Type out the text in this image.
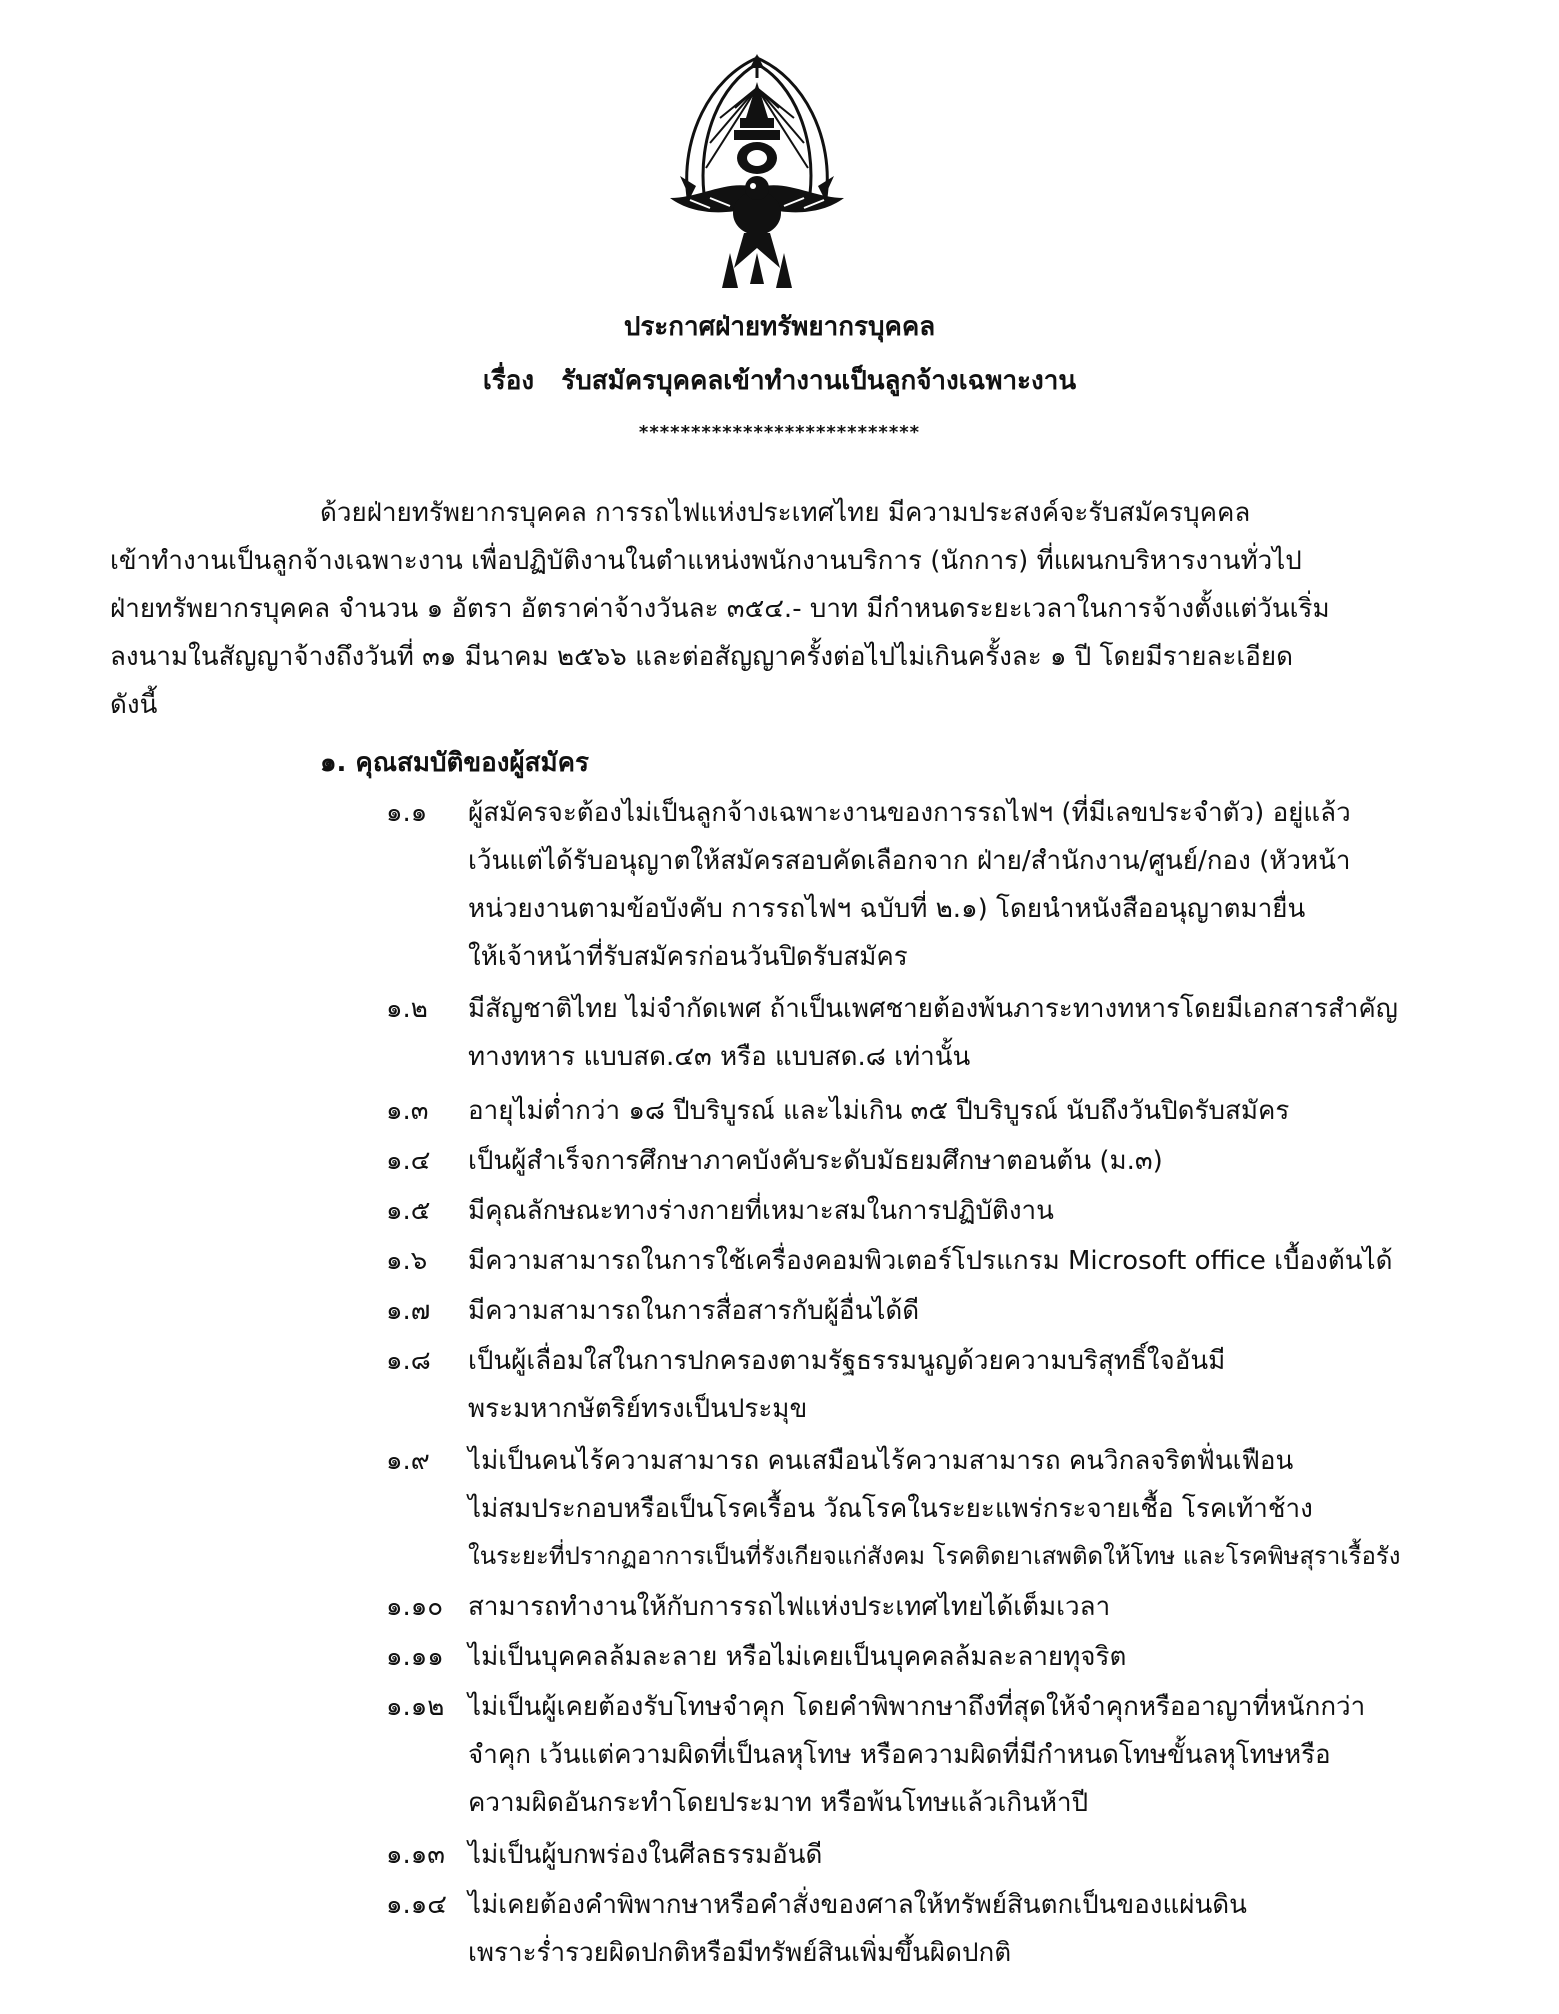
ประกาศฝ่ายทรัพยากรบุคคล
เรื่อง รับสมัครบุคคลเข้าทำงานเป็นลูกจ้างเฉพาะงาน
***************************
ด้วยฝ่ายทรัพยากรบุคคล การรถไฟแห่งประเทศไทย มีความประสงค์จะรับสมัครบุคคล
เข้าทำงานเป็นลูกจ้างเฉพาะงาน เพื่อปฏิบัติงานในตำแหน่งพนักงานบริการ (นักการ) ที่แผนกบริหารงานทั่วไป
ฝ่ายทรัพยากรบุคคล จำนวน ๑ อัตรา อัตราค่าจ้างวันละ ๓๕๔.- บาท มีกำหนดระยะเวลาในการจ้างตั้งแต่วันเริ่ม
ลงนามในสัญญาจ้างถึงวันที่ ๓๑ มีนาคม ๒๕๖๖ และต่อสัญญาครั้งต่อไปไม่เกินครั้งละ ๑ ปี โดยมีรายละเอียด
ดังนี้
๑. คุณสมบัติของผู้สมัคร
๑.๑	ผู้สมัครจะต้องไม่เป็นลูกจ้างเฉพาะงานของการรถไฟฯ (ที่มีเลขประจำตัว) อยู่แล้ว
เว้นแต่ได้รับอนุญาตให้สมัครสอบคัดเลือกจาก ฝ่าย/สำนักงาน/ศูนย์/กอง (หัวหน้า
หน่วยงานตามข้อบังคับ การรถไฟฯ ฉบับที่ ๒.๑) โดยนำหนังสืออนุญาตมายื่น
ให้เจ้าหน้าที่รับสมัครก่อนวันปิดรับสมัคร
๑.๒	มีสัญชาติไทย ไม่จำกัดเพศ ถ้าเป็นเพศชายต้องพ้นภาระทางทหารโดยมีเอกสารสำคัญ
ทางทหาร แบบสด.๔๓ หรือ แบบสด.๘ เท่านั้น
๑.๓	อายุไม่ต่ำกว่า ๑๘ ปีบริบูรณ์ และไม่เกิน ๓๕ ปีบริบูรณ์ นับถึงวันปิดรับสมัคร
๑.๔	เป็นผู้สำเร็จการศึกษาภาคบังคับระดับมัธยมศึกษาตอนต้น (ม.๓)
๑.๕	มีคุณลักษณะทางร่างกายที่เหมาะสมในการปฏิบัติงาน
๑.๖	มีความสามารถในการใช้เครื่องคอมพิวเตอร์โปรแกรม Microsoft office เบื้องต้นได้
๑.๗	มีความสามารถในการสื่อสารกับผู้อื่นได้ดี
๑.๘	เป็นผู้เลื่อมใสในการปกครองตามรัฐธรรมนูญด้วยความบริสุทธิ์ใจอันมี
พระมหากษัตริย์ทรงเป็นประมุข
๑.๙	ไม่เป็นคนไร้ความสามารถ คนเสมือนไร้ความสามารถ คนวิกลจริตฟั่นเฟือน
ไม่สมประกอบหรือเป็นโรคเรื้อน วัณโรคในระยะแพร่กระจายเชื้อ โรคเท้าช้าง
ในระยะที่ปรากฏอาการเป็นที่รังเกียจแก่สังคม โรคติดยาเสพติดให้โทษ และโรคพิษสุราเรื้อรัง
๑.๑๐ สามารถทำงานให้กับการรถไฟแห่งประเทศไทยได้เต็มเวลา
๑.๑๑ ไม่เป็นบุคคลล้มละลาย หรือไม่เคยเป็นบุคคลล้มละลายทุจริต
๑.๑๒ ไม่เป็นผู้เคยต้องรับโทษจำคุก โดยคำพิพากษาถึงที่สุดให้จำคุกหรืออาญาที่หนักกว่า
จำคุก เว้นแต่ความผิดที่เป็นลหุโทษ หรือความผิดที่มีกำหนดโทษขั้นลหุโทษหรือ
ความผิดอันกระทำโดยประมาท หรือพ้นโทษแล้วเกินห้าปี
๑.๑๓ ไม่เป็นผู้บกพร่องในศีลธรรมอันดี
๑.๑๔ ไม่เคยต้องคำพิพากษาหรือคำสั่งของศาลให้ทรัพย์สินตกเป็นของแผ่นดิน
เพราะร่ำรวยผิดปกติหรือมีทรัพย์สินเพิ่มขึ้นผิดปกติ
